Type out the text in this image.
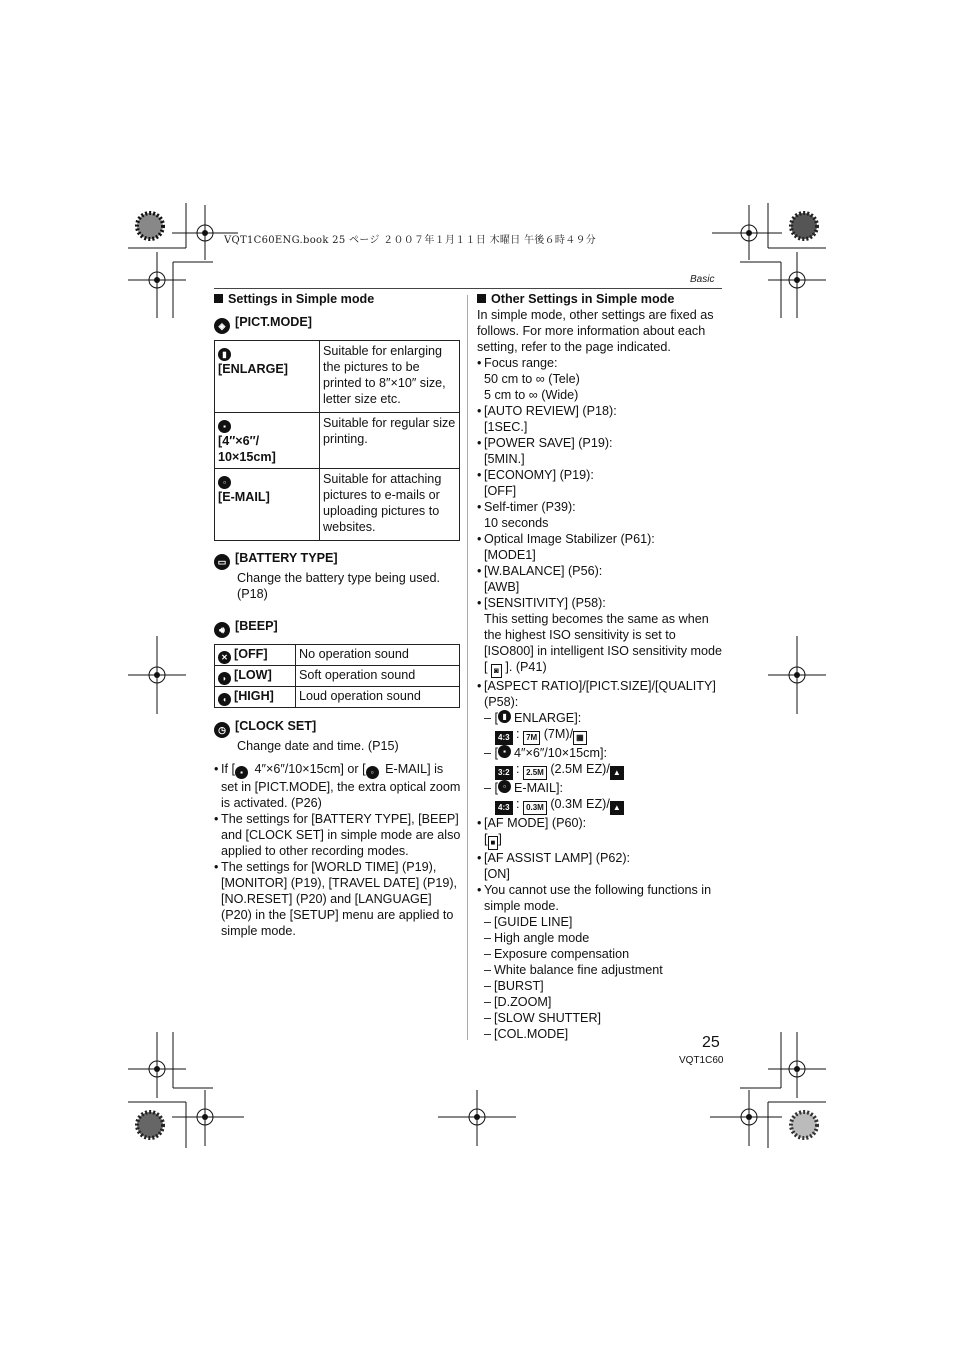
VQT1C60ENG.book 25 ページ ２００７年１月１１日 木曜日 午後６時４９分
Basic
Settings in Simple mode
◈ [PICT.MODE]
▮
[ENLARGE]	Suitable for enlarging the pictures to be printed to 8″×10″ size, letter size etc.
▪
[4″×6″/ 10×15cm]	Suitable for regular size printing.
▫
[E-MAIL]	Suitable for attaching pictures to e-mails or uploading pictures to websites.
▭ [BATTERY TYPE]
Change the battery type being used. (P18)
🔊︎ [BEEP]
✕ [OFF]	No operation sound
◗ [LOW]	Soft operation sound
◖ [HIGH]	Loud operation sound
◷ [CLOCK SET]
Change date and time. (P15)
• If [ ▪ 4″×6″/10×15cm] or [ ▫ E-MAIL] is set in [PICT.MODE], the extra optical zoom is activated. (P26)
• The settings for [BATTERY TYPE], [BEEP] and [CLOCK SET] in simple mode are also applied to other recording modes.
• The settings for [WORLD TIME] (P19), [MONITOR] (P19), [TRAVEL DATE] (P19), [NO.RESET] (P20) and [LANGUAGE] (P20) in the [SETUP] menu are applied to simple mode.
Other Settings in Simple mode
In simple mode, other settings are fixed as follows. For more information about each setting, refer to the page indicated.
• Focus range:
50 cm to ∞ (Tele)
5 cm to ∞ (Wide)
• [AUTO REVIEW] (P18):
[1SEC.]
• [POWER SAVE] (P19):
[5MIN.]
• [ECONOMY] (P19):
[OFF]
• Self-timer (P39):
10 seconds
• Optical Image Stabilizer (P61):
[MODE1]
• [W.BALANCE] (P56):
[AWB]
• [SENSITIVITY] (P58):
This setting becomes the same as when the highest ISO sensitivity is set to [ISO800] in intelligent ISO sensitivity mode [ ◙ ]. (P41)
• [ASPECT RATIO]/[PICT.SIZE]/[QUALITY] (P58):
– [ ▮ ENLARGE]:
4:3 : 7M (7M)/ ▦
– [ ▪ 4″×6″/10×15cm]:
3:2 : 2.5M (2.5M EZ)/ ▲
– [ ▫ E-MAIL]:
4:3 : 0.3M (0.3M EZ)/ ▲
• [AF MODE] (P60):
[ ■ ]
• [AF ASSIST LAMP] (P62):
[ON]
• You cannot use the following functions in simple mode.
– [GUIDE LINE]
– High angle mode
– Exposure compensation
– White balance fine adjustment
– [BURST]
– [D.ZOOM]
– [SLOW SHUTTER]
– [COL.MODE]	25
VQT1C60
